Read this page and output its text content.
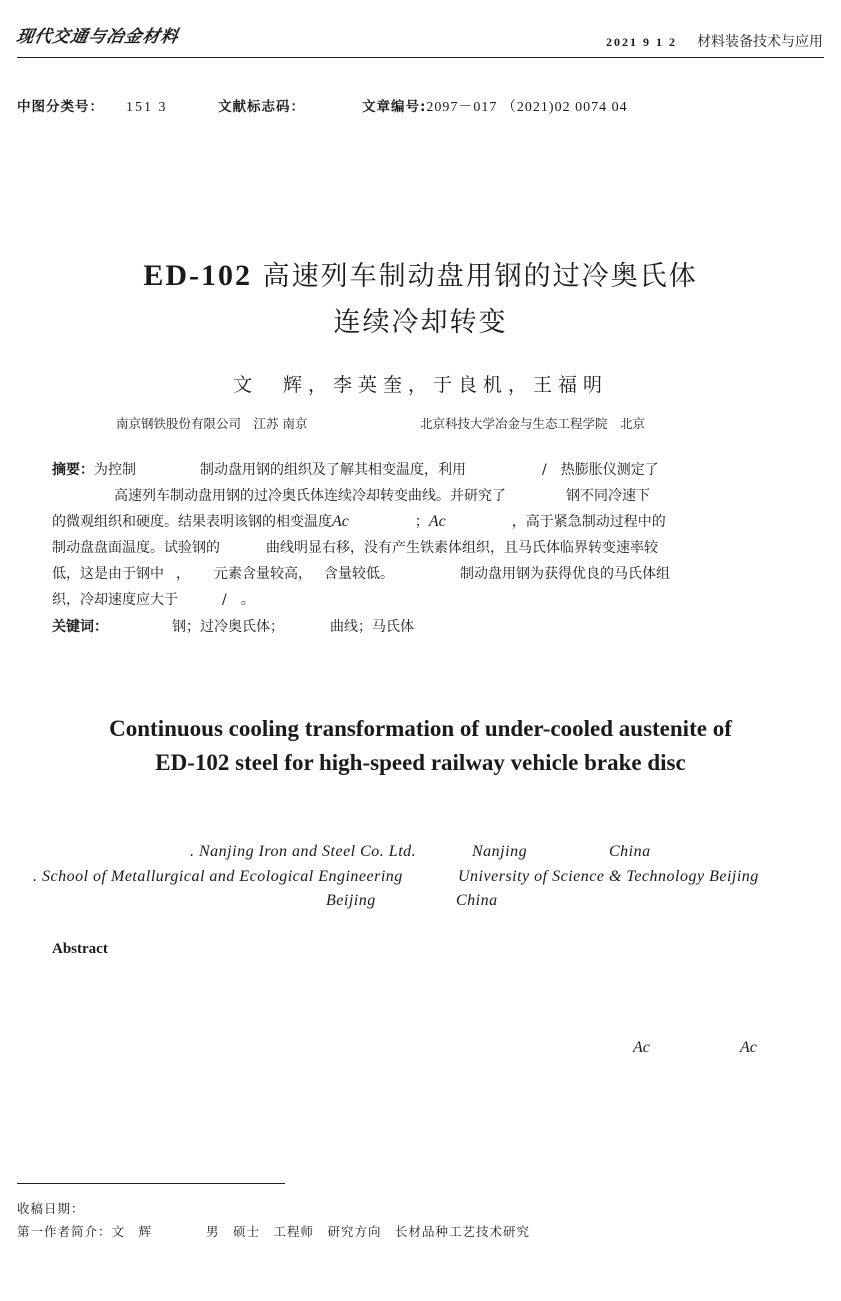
现代交通与冶金材料	2021 9 1 2 材料装备技术与应用
中图分类号： 151 3	文献标志码：	文章编号:2097－017 （2021)02 0074 04
ED-102 高速列车制动盘用钢的过冷奥氏体
连续冷却转变
文　辉，李英奎，于良机，王福明
南京钢铁股份有限公司　江苏 南京	北京科技大学冶金与生态工程学院　北京
摘要：为控制	制动盘用钢的组织及了解其相变温度，利用	/　热膨胀仪测定了
高速列车制动盘用钢的过冷奥氏体连续冷却转变曲线。并研究了	钢不同冷速下
的微观组织和硬度。结果表明该钢的相变温度Ac	；Ac	，高于紧急制动过程中的
制动盘盘面温度。试验钢的	曲线明显右移，没有产生铁素体组织，且马氏体临界转变速率较
低，这是由于钢中 ， 元素含量较高， 含量较低。	制动盘用钢为获得优良的马氏体组
织，冷却速度应大于	/　。
关键词：	钢；过冷奥氏体；	曲线；马氏体
Continuous cooling transformation of under-cooled austenite of
ED-102 steel for high-speed railway vehicle brake disc
. Nanjing Iron and Steel Co. Ltd.	Nanjing	China
. School of Metallurgical and Ecological Engineering	University of Science & Technology Beijing
Beijing	China
Abstract
Ac	Ac
收稿日期：
第一作者简介：文　辉　　　　男　硕士　工程师　研究方向　长材品种工艺技术研究
